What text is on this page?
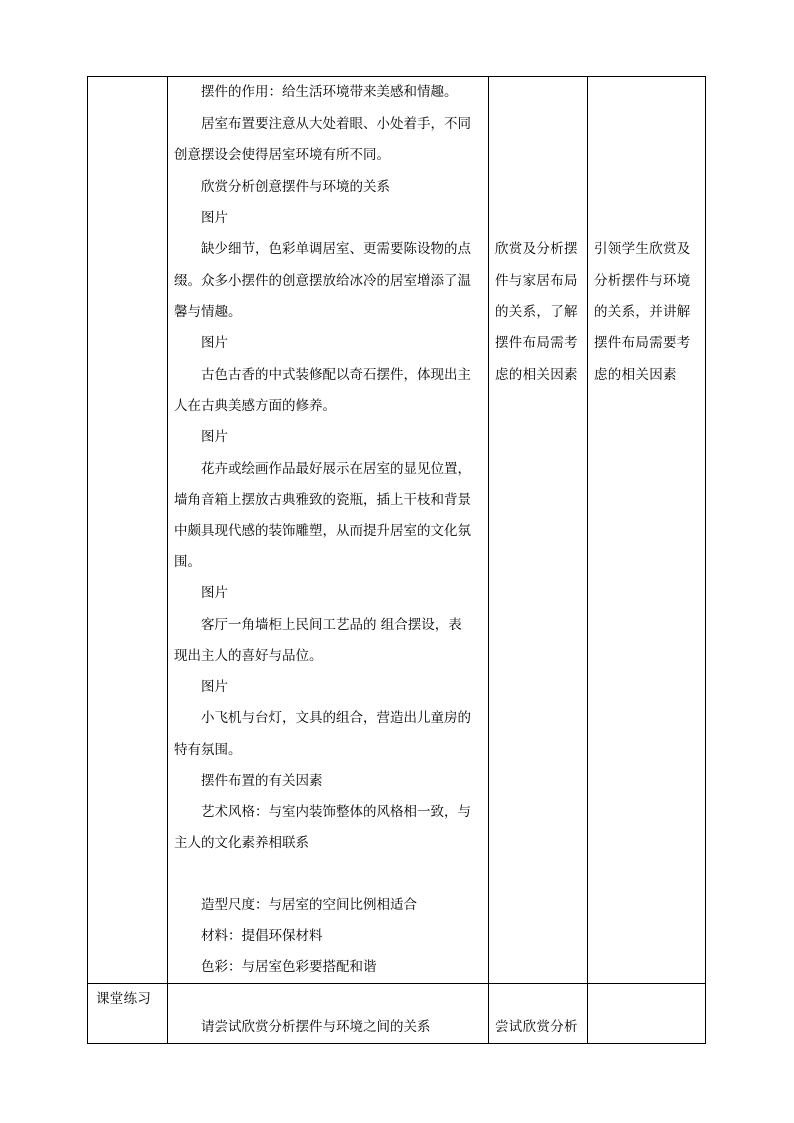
摆件的作用：给生活环境带来美感和情趣。

居室布置要注意从大处着眼、小处着手，不同

创意摆设会使得居室环境有所不同。

欣赏分析创意摆件与环境的关系

图片

缺少细节，色彩单调居室、更需要陈设物的点

缀。众多小摆件的创意摆放给冰冷的居室增添了温

馨与情趣。

图片

古色古香的中式装修配以奇石摆件，体现出主

人在古典美感方面的修养。

图片

花卉或绘画作品最好展示在居室的显见位置，

墙角音箱上摆放古典雅致的瓷瓶，插上干枝和背景

中颇具现代感的装饰雕塑，从而提升居室的文化氛

围。

图片

客厅一角墙柜上民间工艺品的 组合摆设，表

现出主人的喜好与品位。

图片

小飞机与台灯，文具的组合，营造出儿童房的

特有氛围。

摆件布置的有关因素

艺术风格：与室内装饰整体的风格相一致，与

主人的文化素养相联系

造型尺度：与居室的空间比例相适合

材料：提倡环保材料

色彩：与居室色彩要搭配和谐

欣赏及分析摆

件与家居布局

的关系，了解

摆件布局需考

虑的相关因素

引领学生欣赏及

分析摆件与环境

的关系，并讲解

摆件布局需要考

虑的相关因素

课堂练习

请尝试欣赏分析摆件与环境之间的关系	尝试欣赏分析
